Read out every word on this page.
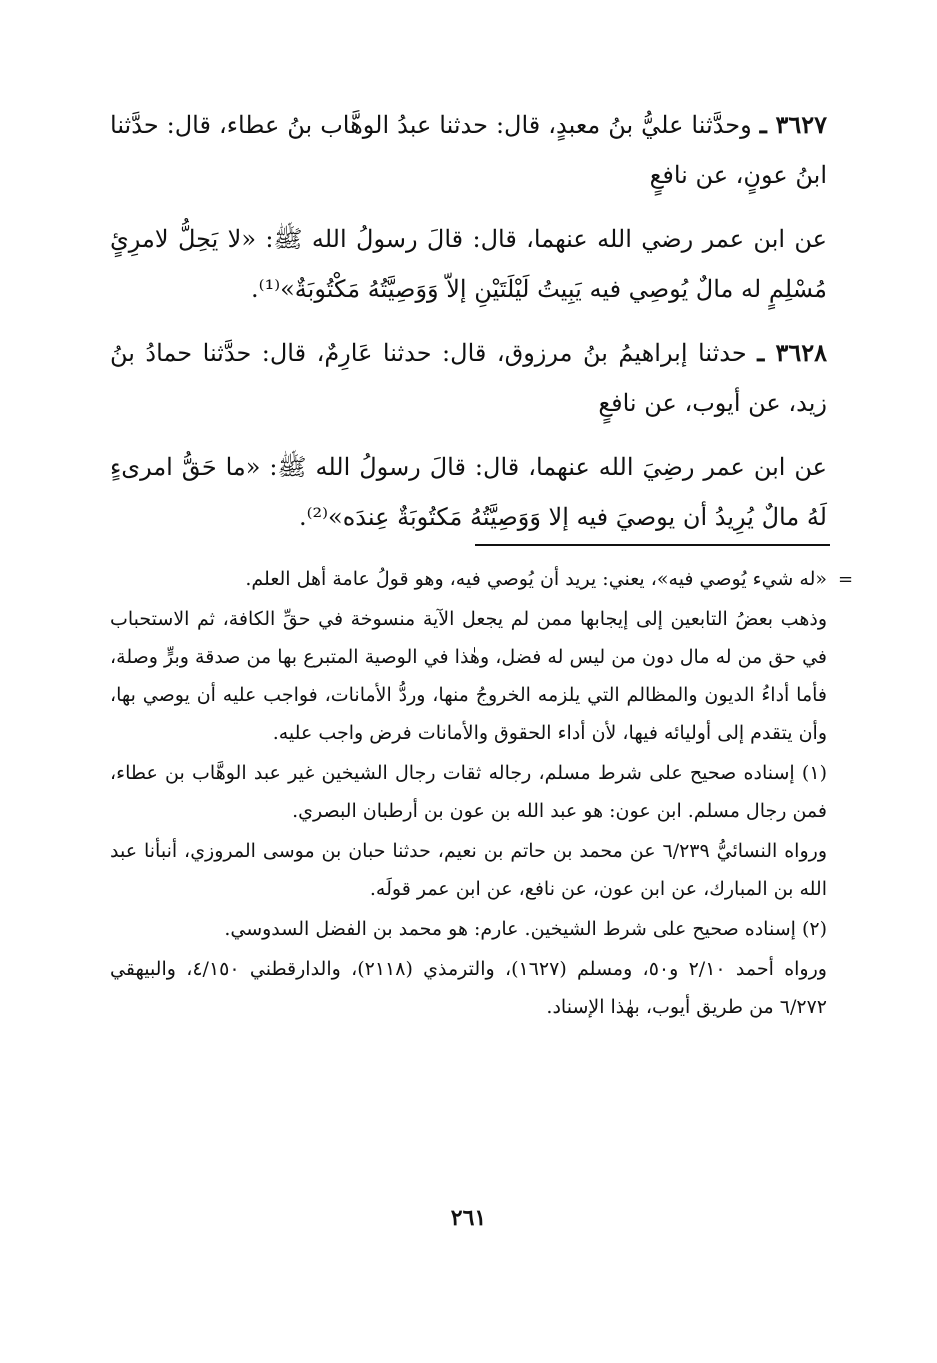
٣٦٢٧ ـ وحدَّثنا عليُّ بنُ معبدٍ، قال: حدثنا عبدُ الوهَّاب بنُ عطاء، قال: حدَّثنا ابنُ عونٍ، عن نافعٍ

عن ابن عمر رضي الله عنهما، قال: قالَ رسولُ الله ﷺ: «لا يَحِلُّ لامرِئٍ مُسْلِمٍ له مالٌ يُوصِي فيه يَبِيتُ لَيْلَتَيْنِ إلاّ وَوَصِيَّتُهُ مَكْتُوبَةٌ»⁽¹⁾.

٣٦٢٨ ـ حدثنا إبراهيمُ بنُ مرزوق، قال: حدثنا عَارِمٌ، قال: حدَّثنا حمادُ بنُ زيد، عن أيوب، عن نافعٍ

عن ابن عمر رضِيَ الله عنهما، قال: قالَ رسولُ الله ﷺ: «ما حَقُّ امرىءٍ لَهُ مالٌ يُرِيدُ أن يوصيَ فيه إلا وَوَصِيَّتُهُ مَكتُوبَةٌ عِندَه»⁽²⁾.

=

«له شيء يُوصي فيه»، يعني: يريد أن يُوصي فيه، وهو قولُ عامة أهل العلم.

وذهب بعضُ التابعين إلى إيجابها ممن لم يجعل الآية منسوخة في حقِّ الكافة، ثم الاستحباب في حق من له مال دون من ليس له فضل، وهٰذا في الوصية المتبرع بها من صدقة وبرٍّ وصلة، فأما أداءُ الديون والمظالم التي يلزمه الخروجُ منها، وردُّ الأمانات، فواجب عليه أن يوصي بها، وأن يتقدم إلى أوليائه فيها، لأن أداء الحقوق والأمانات فرض واجب عليه.

(١) إسناده صحيح على شرط مسلم، رجاله ثقات رجال الشيخين غير عبد الوهَّاب بن عطاء، فمن رجال مسلم. ابن عون: هو عبد الله بن عون بن أرطبان البصري.

ورواه النسائيُّ ٦/٢٣٩ عن محمد بن حاتم بن نعيم، حدثنا حبان بن موسى المروزي، أنبأنا عبد الله بن المبارك، عن ابن عون، عن نافع، عن ابن عمر قولَه.

(٢) إسناده صحيح على شرط الشيخين. عارم: هو محمد بن الفضل السدوسي.

ورواه أحمد ٢/١٠ و٥٠، ومسلم (١٦٢٧)، والترمذي (٢١١٨)، والدارقطني ٤/١٥٠، والبيهقي ٦/٢٧٢ من طريق أيوب، بهٰذا الإسناد.

٢٦١
